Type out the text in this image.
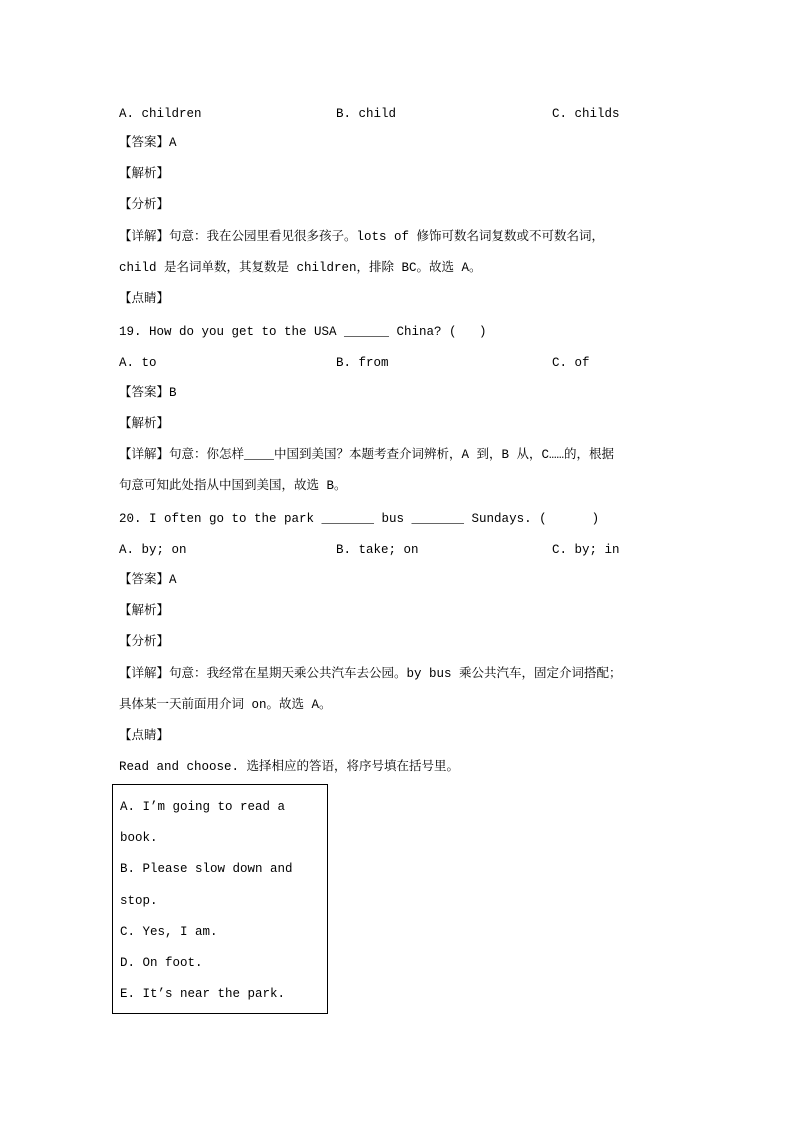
A. children	B. child	C. childs
【答案】A
【解析】
【分析】
【详解】句意：我在公园里看见很多孩子。lots of 修饰可数名词复数或不可数名词，
child 是名词单数，其复数是 children，排除 BC。故选 A。
【点睛】
19. How do you get to the USA ______ China? (   )
A. to	B. from	C. of
【答案】B
【解析】
【详解】句意：你怎样____中国到美国？本题考查介词辨析，A 到，B 从，C……的，根据
句意可知此处指从中国到美国，故选 B。
20. I often go to the park _______ bus _______ Sundays. (      )
A. by; on	B. take; on	C. by; in
【答案】A
【解析】
【分析】
【详解】句意：我经常在星期天乘公共汽车去公园。by bus 乘公共汽车，固定介词搭配；
具体某一天前面用介词 on。故选 A。
【点睛】
Read and choose. 选择相应的答语，将序号填在括号里。
A. I’m going to read a
book.
B. Please slow down and
stop.
C. Yes, I am.
D. On foot.
E. It’s near the park.
